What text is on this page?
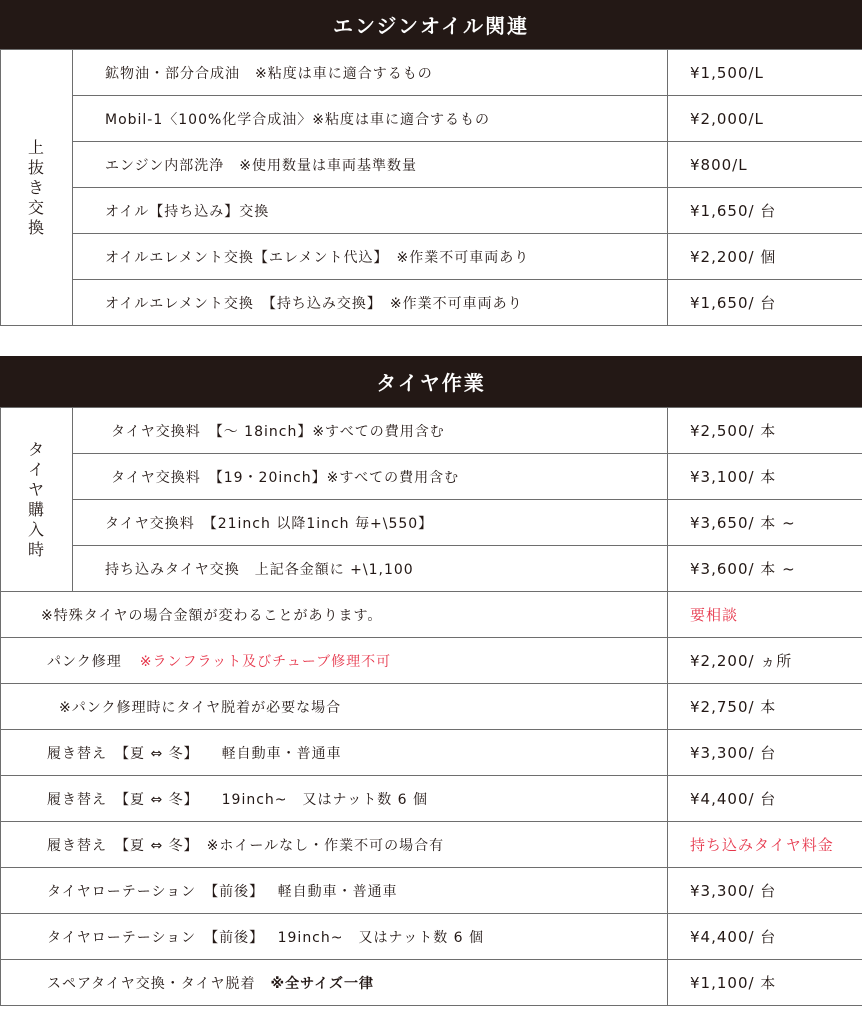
エンジンオイル関連
上抜き交換	鉱物油・部分合成油　※粘度は車に適合するもの	¥1,500/L
	Mobil-1〈100%化学合成油〉※粘度は車に適合するもの	¥2,000/L
	エンジン内部洗浄　※使用数量は車両基準数量	¥800/L
	オイル【持ち込み】交換	¥1,650/ 台
	オイルエレメント交換【エレメント代込】　※作業不可車両あり	¥2,200/ 個
	オイルエレメント交換　【持ち込み交換】　※作業不可車両あり	¥1,650/ 台
タイヤ作業
タイヤ購入時	タイヤ交換料　【～ 18inch】※すべての費用含む	¥2,500/ 本
	タイヤ交換料　【19・20inch】※すべての費用含む	¥3,100/ 本
	タイヤ交換料　【21inch 以降1inch 毎+\550】	¥3,650/ 本 ~
	持ち込みタイヤ交換　上記各金額に +\1,100	¥3,600/ 本 ~
※特殊タイヤの場合金額が変わることがあります。		要相談
パンク修理 ※ランフラット及びチューブ修理不可		¥2,200/ ヵ所
※パンク修理時にタイヤ脱着が必要な場合		¥2,750/ 本
履き替え　【夏 ⇔ 冬】　　軽自動車・普通車		¥3,300/ 台
履き替え　【夏 ⇔ 冬】　　19inch~　又はナット数 6 個		¥4,400/ 台
履き替え　【夏 ⇔ 冬】　※ホイールなし・作業不可の場合有		持ち込みタイヤ料金
タイヤローテーション　【前後】　 軽自動車・普通車		¥3,300/ 台
タイヤローテーション　【前後】　 19inch~　又はナット数 6 個		¥4,400/ 台
スペアタイヤ交換・タイヤ脱着　※全サイズ一律		¥1,100/ 本
